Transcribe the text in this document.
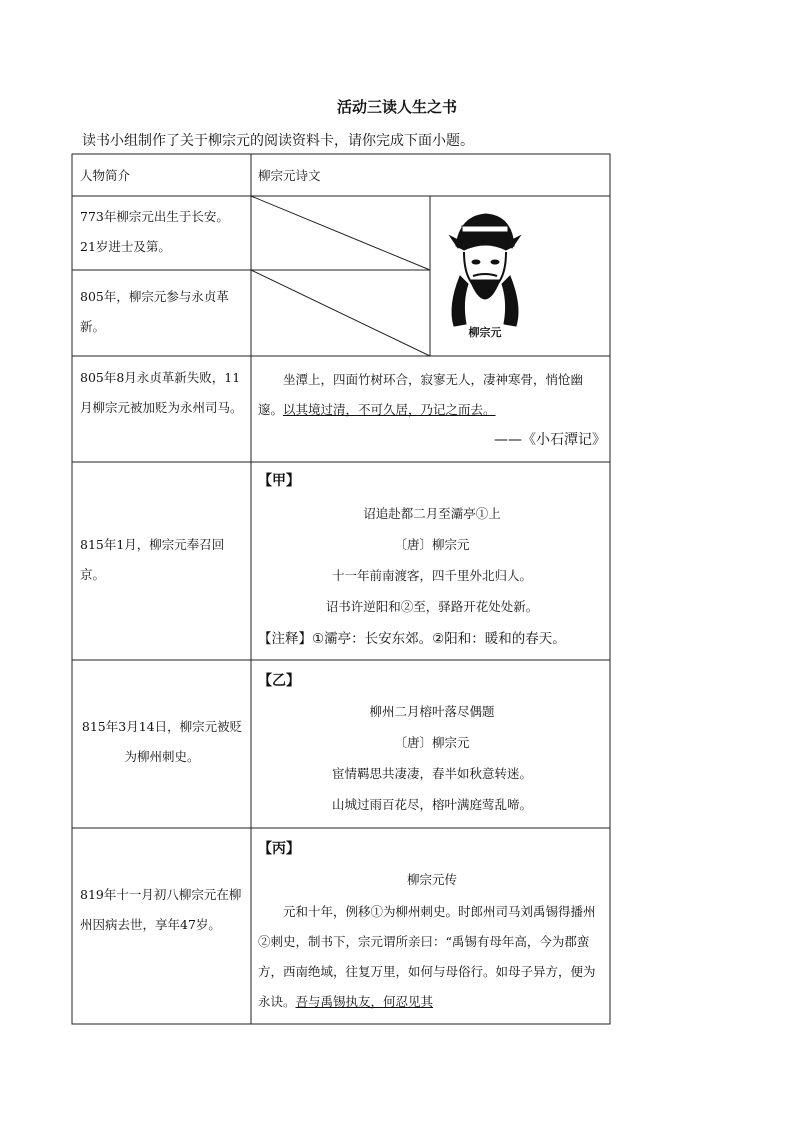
活动三读人生之书
读书小组制作了关于柳宗元的阅读资料卡，请你完成下面小题。
人物简介	柳宗元诗文
773年柳宗元出生于长安。21岁进士及第。
805年，柳宗元参与永贞革新。	柳宗元
805年8月永贞革新失败，11月柳宗元被加贬为永州司马。
坐潭上，四面竹树环合，寂寥无人，凄神寒骨，悄怆幽邃。以其境过清，不可久居，乃记之而去。
——《小石潭记》
815年1月，柳宗元奉召回京。
【甲】
诏追赴都二月至灞亭①上
〔唐〕柳宗元
十一年前南渡客，四千里外北归人。
诏书许逆阳和②至，驿路开花处处新。
【注释】①灞亭：长安东郊。②阳和：暖和的春天。
815年3月14日，柳宗元被贬为柳州刺史。
【乙】
柳州二月榕叶落尽偶题
〔唐〕柳宗元
宦情羁思共凄凄，春半如秋意转迷。
山城过雨百花尽，榕叶满庭莺乱啼。
819年十一月初八柳宗元在柳州因病去世，享年47岁。
【丙】
柳宗元传
元和十年，例移①为柳州刺史。时郎州司马刘禹锡得播州②刺史，制书下，宗元谓所亲曰：“禹锡有母年高，今为郡蛮方，西南绝域，往复万里，如何与母俗行。如母子异方，便为永诀。吾与禹锡执友，何忍见其
